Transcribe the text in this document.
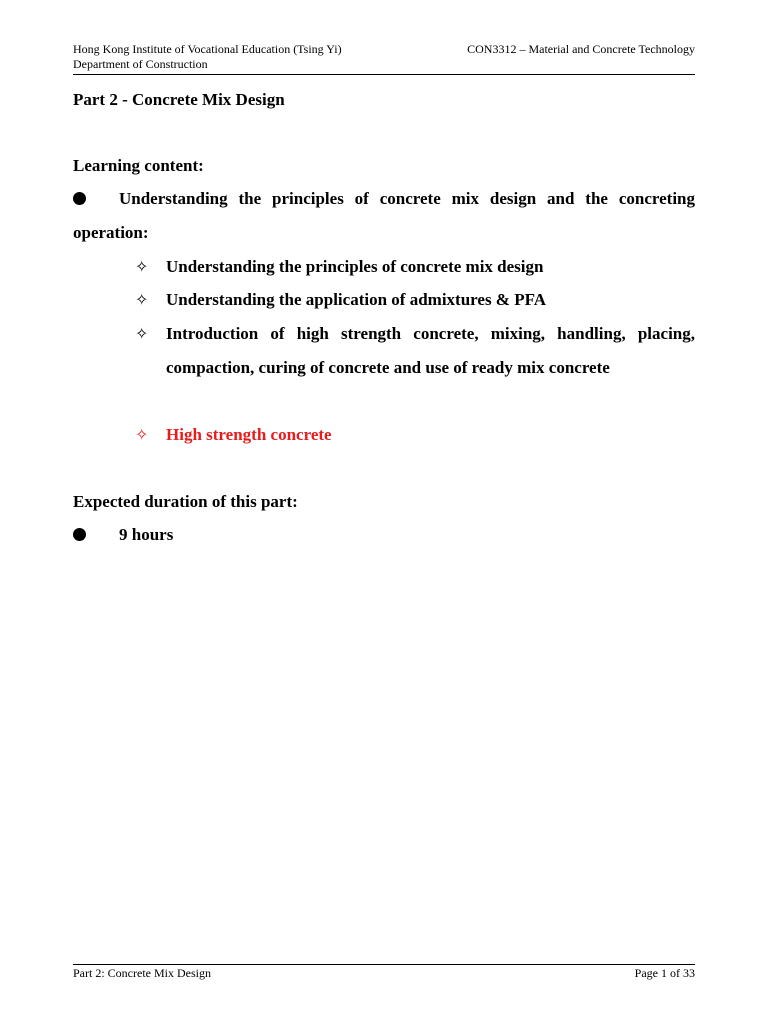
Hong Kong Institute of Vocational Education (Tsing Yi)	CON3312 – Material and Concrete Technology
Department of Construction
Part 2 - Concrete Mix Design
Learning content:
Understanding the principles of concrete mix design and the concreting operation:
✧ Understanding the principles of concrete mix design
✧ Understanding the application of admixtures & PFA
✧ Introduction of high strength concrete, mixing, handling, placing, compaction, curing of concrete and use of ready mix concrete
✧ High strength concrete
Expected duration of this part:
9 hours
Part 2: Concrete Mix Design	Page 1 of 33
